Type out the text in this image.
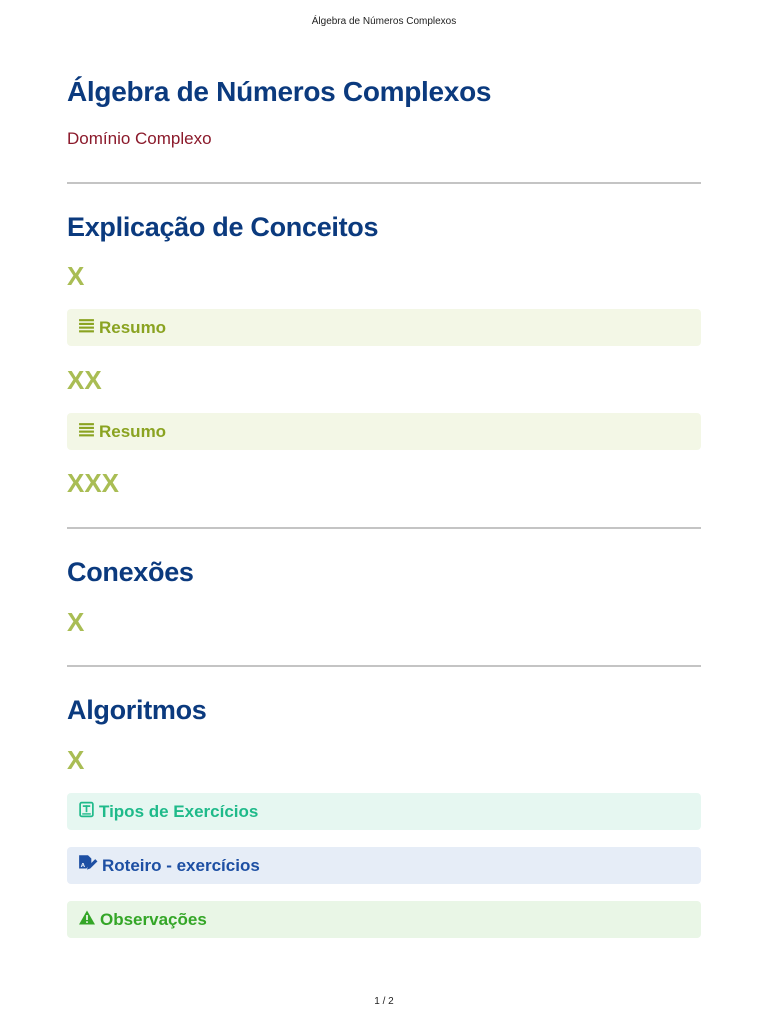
Álgebra de Números Complexos
Álgebra de Números Complexos
Domínio Complexo
Explicação de Conceitos
X
Resumo
XX
Resumo
XXX
Conexões
X
Algoritmos
X
Tipos de Exercícios
A Roteiro - exercícios
Observações
1 / 2
